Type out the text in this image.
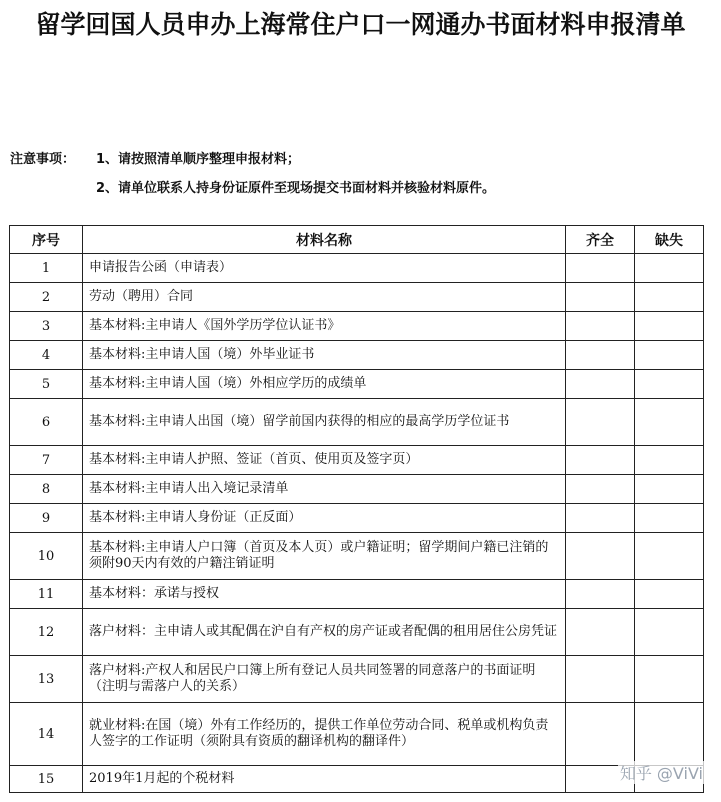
留学回国人员申办上海常住户口一网通办书面材料申报清单
注意事项： 1、请按照清单顺序整理申报材料；
2、请单位联系人持身份证原件至现场提交书面材料并核验材料原件。
序号	材料名称	齐全	缺失
1	申请报告公函（申请表）		
2	劳动（聘用）合同		
3	基本材料:主申请人《国外学历学位认证书》		
4	基本材料:主申请人国（境）外毕业证书		
5	基本材料:主申请人国（境）外相应学历的成绩单		
6	基本材料:主申请人出国（境）留学前国内获得的相应的最高学历学位证书		
7	基本材料:主申请人护照、签证（首页、使用页及签字页）		
8	基本材料:主申请人出入境记录清单		
9	基本材料:主申请人身份证（正反面）		
10	基本材料:主申请人户口簿（首页及本人页）或户籍证明；留学期间户籍已注销的须附90天内有效的户籍注销证明		
11	基本材料：承诺与授权		
12	落户材料：主申请人或其配偶在沪自有产权的房产证或者配偶的租用居住公房凭证		
13	落户材料:产权人和居民户口簿上所有登记人员共同签署的同意落户的书面证明（注明与需落户人的关系）		
14	就业材料:在国（境）外有工作经历的，提供工作单位劳动合同、税单或机构负责人签字的工作证明（须附具有资质的翻译机构的翻译件）		
15	2019年1月起的个税材料			知乎 @ViVi
